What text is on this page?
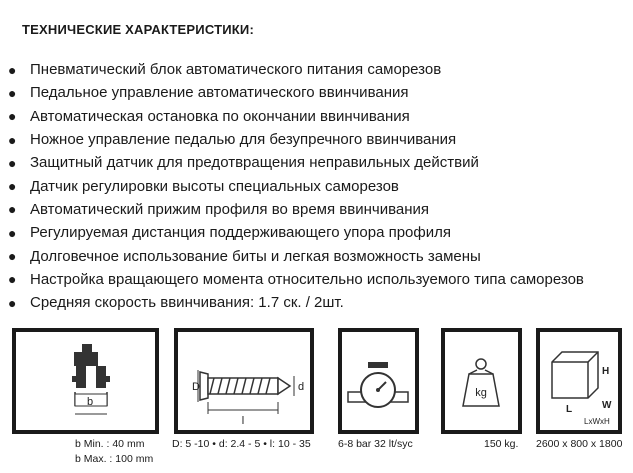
ТЕХНИЧЕСКИЕ ХАРАКТЕРИСТИКИ:
● Пневматический блок автоматического питания саморезов
● Педальное управление автоматического ввинчивания
● Автоматическая остановка по окончании ввинчивания
● Ножное управление педалью для безупречного ввинчивания
● Защитный датчик для предотвращения неправильных действий
● Датчик регулировки высоты специальных саморезов
● Автоматический прижим профиля во время ввинчивания
● Регулируемая дистанция поддерживающего упора профиля
● Долговечное использование биты и легкая возможность замены
● Настройка вращающего момента относительно используемого типа саморезов
● Средняя скорость ввинчивания: 1.7 ск. / 2шт.
b
D	d
l
kg
H
W
L
LxWxH
b Min. : 40 mm
b Max. : 100 mm
D: 5 -10 • d: 2.4 - 5 • l: 10 - 35	6-8 bar 32 lt/syc	150 kg. 2600 x 800 x 1800
